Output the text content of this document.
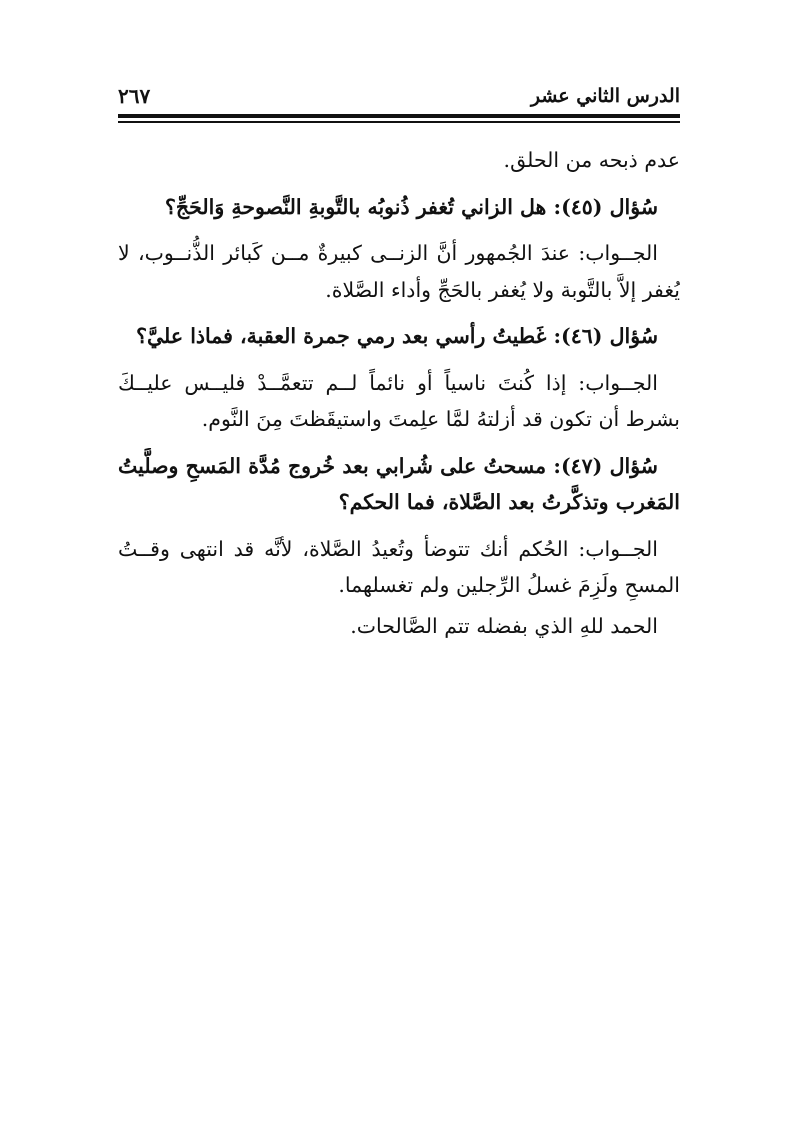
الدرس الثاني عشر
٢٦٧
عدم ذبحه من الحلق.
سُؤال (٤٥): هل الزاني تُغفر ذُنوبُه بالتَّوبةِ النَّصوحةِ وَالحَجِّ؟
الجــواب: عندَ الجُمهور أنَّ الزنــى كبيرةٌ مــن كَبائر الذُّنــوب، لا
يُغفر إلاَّ بالتَّوبة ولا يُغفر بالحَجِّ وأداء الصَّلاة.
سُؤال (٤٦): غَطيتُ رأسي بعد رمي جمرة العقبة، فماذا عليَّ؟
الجــواب: إذا كُنتَ ناسياً أو نائماً لــم تتعمَّــدْ فليــس عليــكَ
بشرط أن تكون قد أزلتهُ لمَّا علِمتَ واستيقَظتَ مِنَ النَّوم.
سُؤال (٤٧): مسحتُ على شُرابي بعد خُروج مُدَّة المَسحِ وصلَّيتُ
المَغرب وتذكَّرتُ بعد الصَّلاة، فما الحكم؟
الجــواب: الحُكم أنك تتوضأ وتُعيدُ الصَّلاة، لأنَّه قد انتهى وقــتُ
المسحِ ولَزِمَ غسلُ الرِّجلين ولم تغسلهما.
الحمد للهِ الذي بفضله تتم الصَّالحات.
